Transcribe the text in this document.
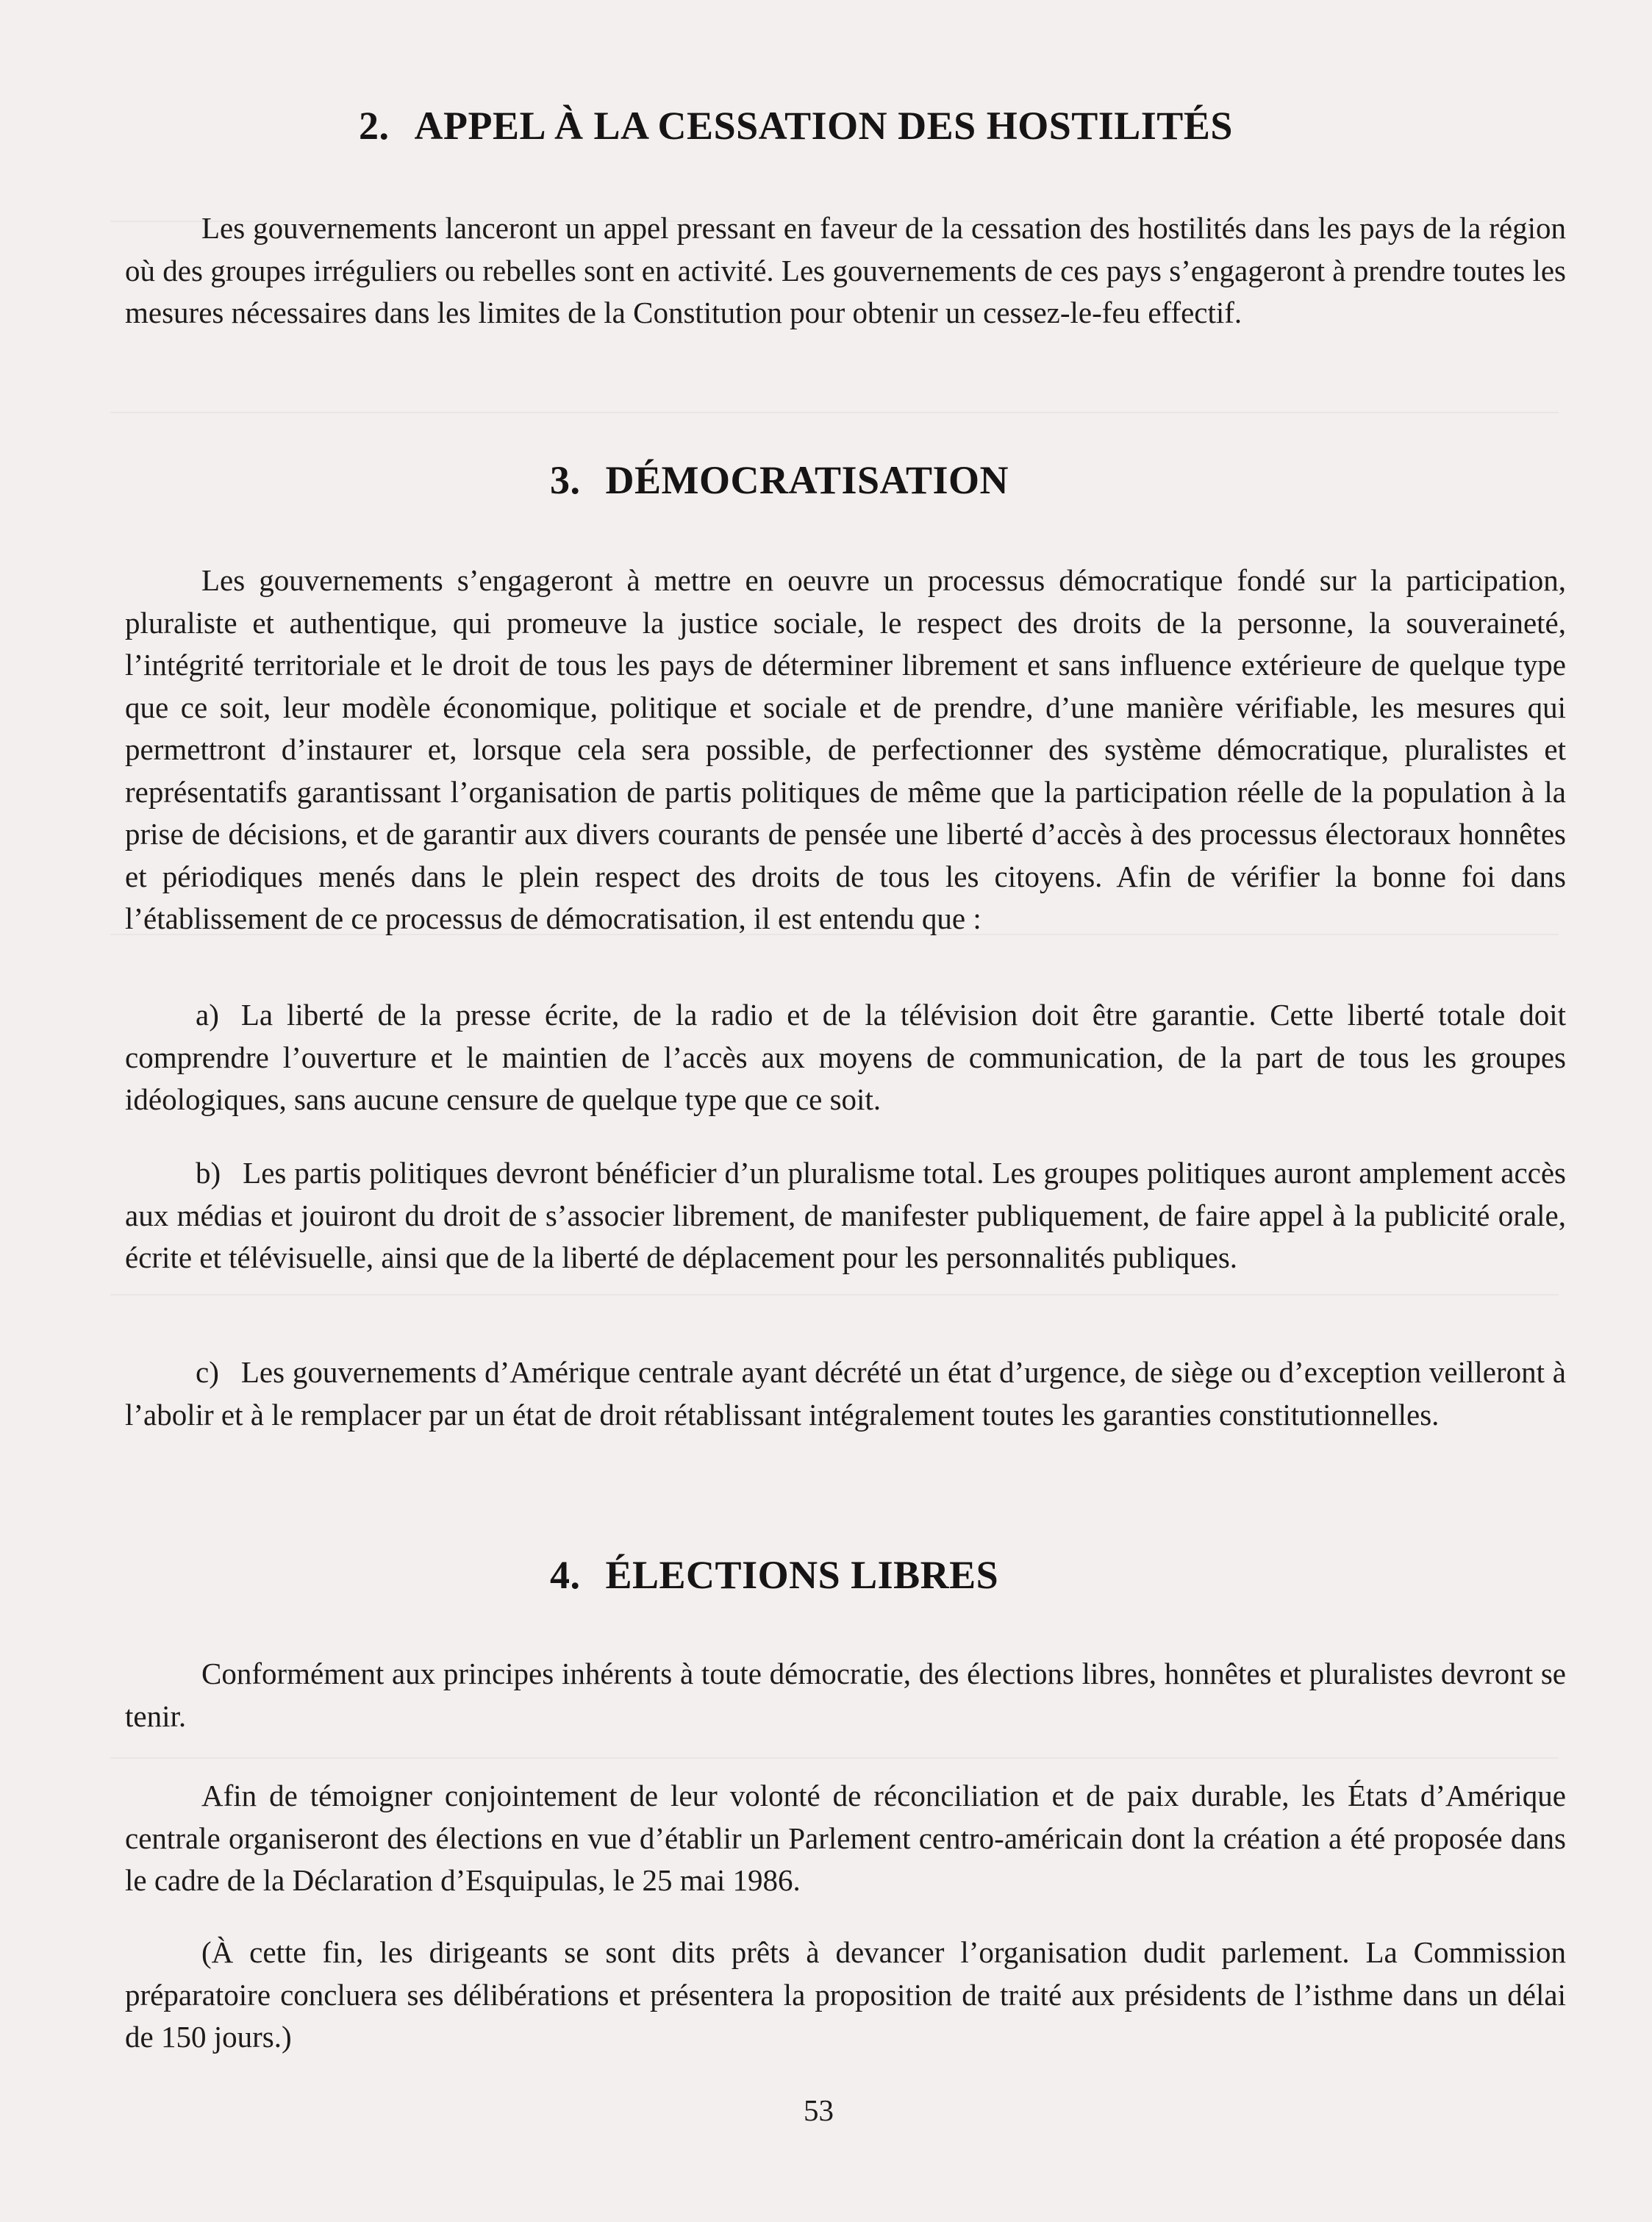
2. APPEL À LA CESSATION DES HOSTILITÉS

Les gouvernements lanceront un appel pressant en faveur de la cessation des hostilités dans les pays de la région où des groupes irréguliers ou rebelles sont en activité. Les gouvernements de ces pays s’engageront à prendre toutes les mesures nécessaires dans les limites de la Constitution pour obtenir un cessez-le-feu effectif.

3. DÉMOCRATISATION

Les gouvernements s’engageront à mettre en oeuvre un processus démocratique fondé sur la participation, pluraliste et authentique, qui promeuve la justice sociale, le respect des droits de la personne, la souveraineté, l’intégrité territoriale et le droit de tous les pays de déterminer librement et sans influence extérieure de quelque type que ce soit, leur modèle économique, politique et sociale et de prendre, d’une manière vérifiable, les mesures qui permettront d’instaurer et, lorsque cela sera possible, de perfectionner des système démocratique, pluralistes et représentatifs garantissant l’organisation de partis politiques de même que la participation réelle de la population à la prise de décisions, et de garantir aux divers courants de pensée une liberté d’accès à des processus électoraux honnêtes et périodiques menés dans le plein respect des droits de tous les citoyens. Afin de vérifier la bonne foi dans l’établissement de ce processus de démocratisation, il est entendu que :

a) La liberté de la presse écrite, de la radio et de la télévision doit être garantie. Cette liberté totale doit comprendre l’ouverture et le maintien de l’accès aux moyens de communication, de la part de tous les groupes idéologiques, sans aucune censure de quelque type que ce soit.

b) Les partis politiques devront bénéficier d’un pluralisme total. Les groupes politiques auront amplement accès aux médias et jouiront du droit de s’associer librement, de manifester publiquement, de faire appel à la publicité orale, écrite et télévisuelle, ainsi que de la liberté de déplacement pour les personnalités publiques.

c) Les gouvernements d’Amérique centrale ayant décrété un état d’urgence, de siège ou d’exception veilleront à l’abolir et à le remplacer par un état de droit rétablissant intégralement toutes les garanties constitutionnelles.

4. ÉLECTIONS LIBRES

Conformément aux principes inhérents à toute démocratie, des élections libres, honnêtes et pluralistes devront se tenir.

Afin de témoigner conjointement de leur volonté de réconciliation et de paix durable, les États d’Amérique centrale organiseront des élections en vue d’établir un Parlement centro-américain dont la création a été proposée dans le cadre de la Déclaration d’Esquipulas, le 25 mai 1986.

(À cette fin, les dirigeants se sont dits prêts à devancer l’organisation dudit parlement. La Commission préparatoire concluera ses délibérations et présentera la proposition de traité aux présidents de l’isthme dans un délai de 150 jours.)

53
